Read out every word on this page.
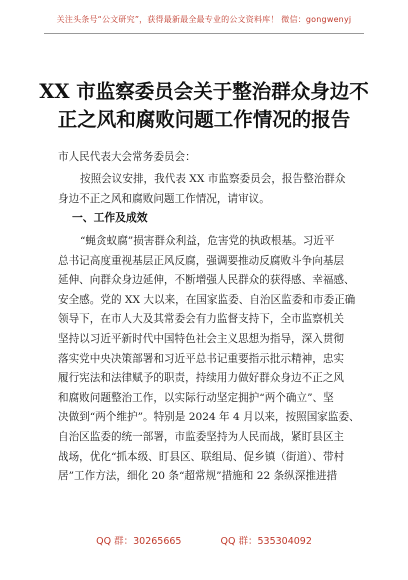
关注头条号“公文研究”，获得最新最全最专业的公文资料库！ 微信：gongwenyj
XX 市监察委员会关于整治群众身边不
正之风和腐败问题工作情况的报告
市人民代表大会常务委员会：
按照会议安排，我代表 XX 市监察委员会，报告整治群众
身边不正之风和腐败问题工作情况，请审议。
一、工作及成效
“蝇贪蚁腐”损害群众利益，危害党的执政根基。习近平
总书记高度重视基层正风反腐，强调要推动反腐败斗争向基层
延伸、向群众身边延伸，不断增强人民群众的获得感、幸福感、
安全感。党的 XX 大以来，在国家监委、自治区监委和市委正确
领导下，在市人大及其常委会有力监督支持下，全市监察机关
坚持以习近平新时代中国特色社会主义思想为指导，深入贯彻
落实党中央决策部署和习近平总书记重要指示批示精神，忠实
履行宪法和法律赋予的职责，持续用力做好群众身边不正之风
和腐败问题整治工作，以实际行动坚定拥护“两个确立”、坚
决做到“两个维护”。特别是 2024 年 4 月以来，按照国家监委、
自治区监委的统一部署，市监委坚持为人民而战，紧盯县区主
战场，优化“抓本级、盯县区、联组局、促乡镇（街道）、带村
居”工作方法，细化 20 条“超常规”措施和 22 条纵深推进措
QQ 群：30265665	QQ 群：535304092
